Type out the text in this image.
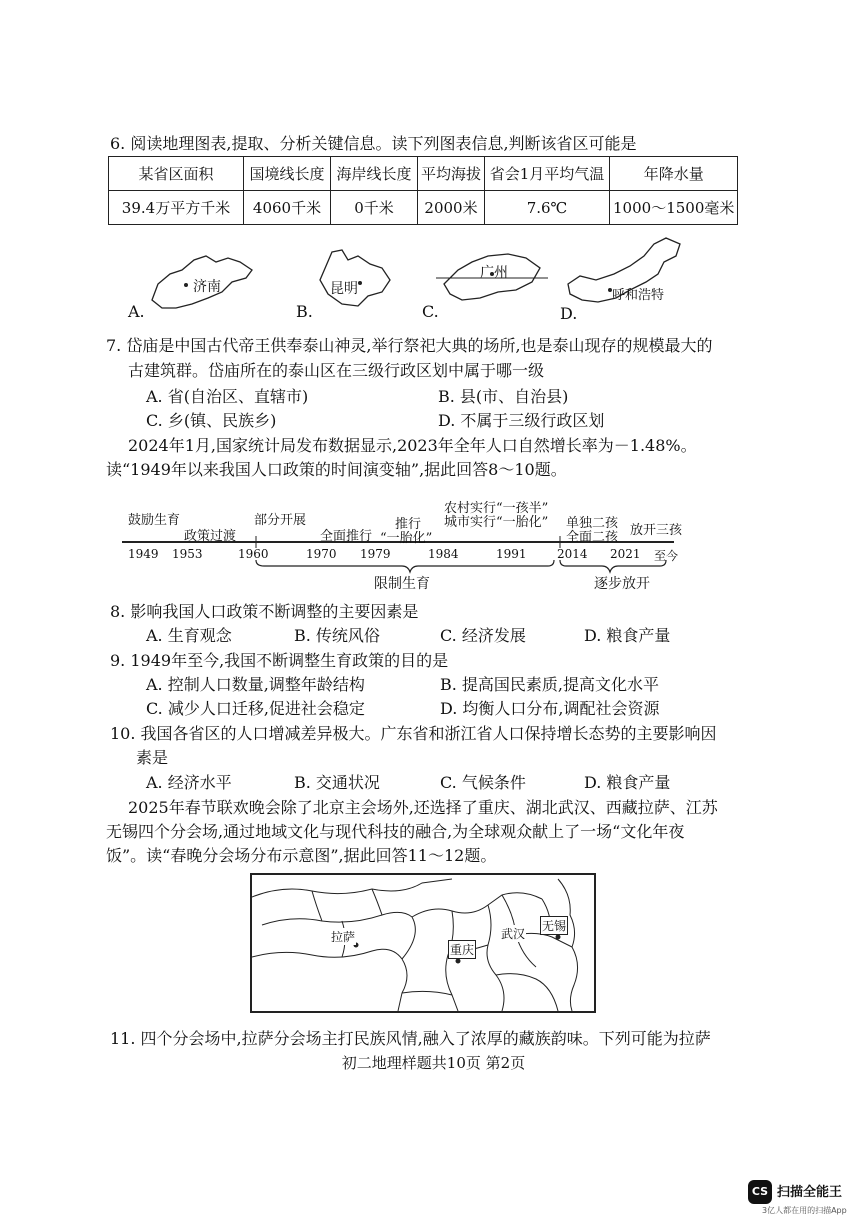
6. 阅读地理图表,提取、分析关键信息。读下列图表信息,判断该省区可能是
某省区面积	国境线长度	海岸线长度	平均海拔	省会1月平均气温	年降水量
39.4万平方千米	4060千米	0千米	2000米	7.6℃	1000～1500毫米
A.
济南
B.
昆明
C.
广州
D.
呼和浩特
7. 岱庙是中国古代帝王供奉泰山神灵,举行祭祀大典的场所,也是泰山现存的规模最大的
古建筑群。岱庙所在的泰山区在三级行政区划中属于哪一级
A. 省(自治区、直辖市)	B. 县(市、自治县)
C. 乡(镇、民族乡)	D. 不属于三级行政区划
2024年1月,国家统计局发布数据显示,2023年全年人口自然增长率为－1.48%。
读“1949年以来我国人口政策的时间演变轴”,据此回答8～10题。
鼓励生育
政策过渡
部分开展
全面推行
推行
“一胎化”
农村实行“一孩半”
城市实行“一胎化” 单独二孩
全面二孩 放开三孩
1949 1953	1960	1970 1979	1984	1991	2014 2021 至今
限制生育	逐步放开
8. 影响我国人口政策不断调整的主要因素是
A. 生育观念	B. 传统风俗	C. 经济发展	D. 粮食产量
9. 1949年至今,我国不断调整生育政策的目的是
A. 控制人口数量,调整年龄结构	B. 提高国民素质,提高文化水平
C. 减少人口迁移,促进社会稳定	D. 均衡人口分布,调配社会资源
10. 我国各省区的人口增减差异极大。广东省和浙江省人口保持增长态势的主要影响因
素是
A. 经济水平	B. 交通状况	C. 气候条件	D. 粮食产量
2025年春节联欢晚会除了北京主会场外,还选择了重庆、湖北武汉、西藏拉萨、江苏
无锡四个分会场,通过地域文化与现代科技的融合,为全球观众献上了一场“文化年夜
饭”。读“春晚分会场分布示意图”,据此回答11～12题。
拉萨
重庆
武汉
无锡
11. 四个分会场中,拉萨分会场主打民族风情,融入了浓厚的藏族韵味。下列可能为拉萨
初二地理样题共10页 第2页
CS 扫描全能王
3亿人都在用的扫描App
